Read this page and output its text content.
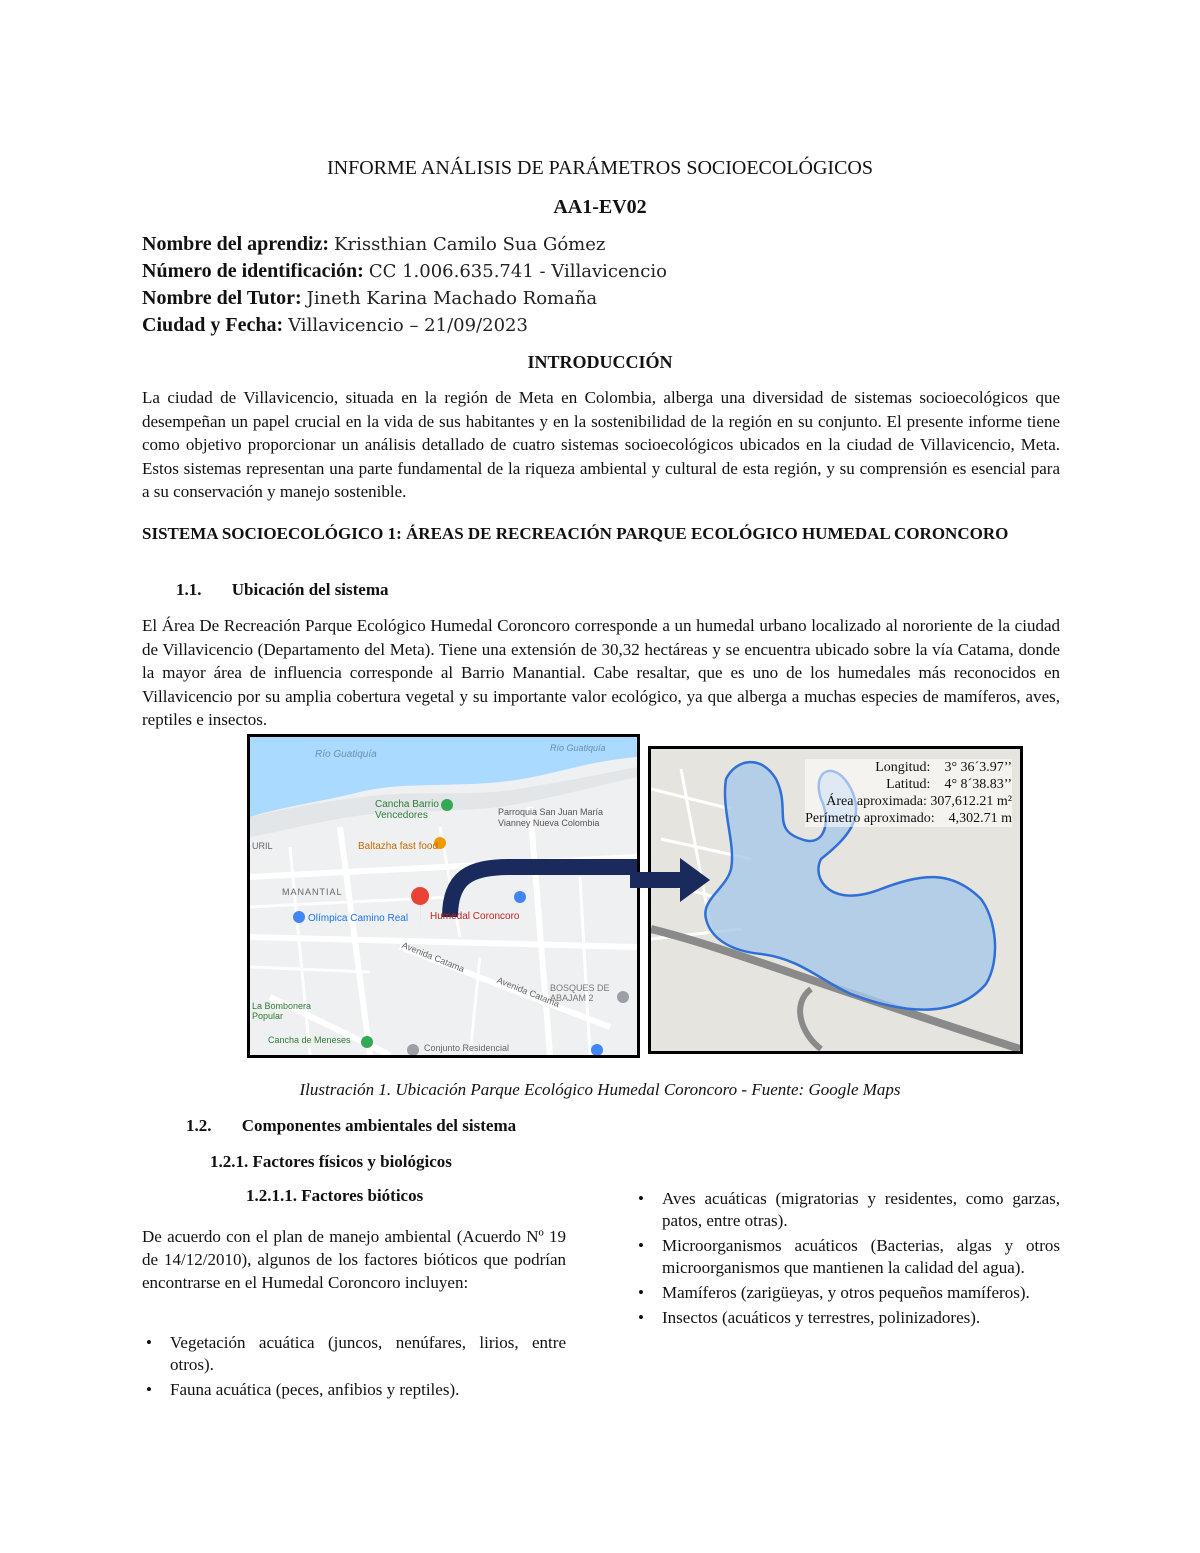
INFORME ANÁLISIS DE PARÁMETROS SOCIOECOLÓGICOS
AA1-EV02
Nombre del aprendiz: Krissthian Camilo Sua Gómez
Número de identificación: CC 1.006.635.741 - Villavicencio
Nombre del Tutor: Jineth Karina Machado Romaña
Ciudad y Fecha: Villavicencio – 21/09/2023
INTRODUCCIÓN
La ciudad de Villavicencio, situada en la región de Meta en Colombia, alberga una diversidad de sistemas socioecológicos que desempeñan un papel crucial en la vida de sus habitantes y en la sostenibilidad de la región en su conjunto. El presente informe tiene como objetivo proporcionar un análisis detallado de cuatro sistemas socioecológicos ubicados en la ciudad de Villavicencio, Meta. Estos sistemas representan una parte fundamental de la riqueza ambiental y cultural de esta región, y su comprensión es esencial para a su conservación y manejo sostenible.
SISTEMA SOCIOECOLÓGICO 1: ÁREAS DE RECREACIÓN PARQUE ECOLÓGICO HUMEDAL CORONCORO
1.1. Ubicación del sistema
El Área De Recreación Parque Ecológico Humedal Coroncoro corresponde a un humedal urbano localizado al nororiente de la ciudad de Villavicencio (Departamento del Meta). Tiene una extensión de 30,32 hectáreas y se encuentra ubicado sobre la vía Catama, donde la mayor área de influencia corresponde al Barrio Manantial. Cabe resaltar, que es uno de los humedales más reconocidos en Villavicencio por su amplia cobertura vegetal y su importante valor ecológico, ya que alberga a muchas especies de mamíferos, aves, reptiles e insectos.
Río Guatiquía
Río Guatiquía
Cancha Barrio Vencedores	Parroquia San Juan María Vianney Nueva Colombia
Baltazha fast food
URIL
MANANTIAL
Olímpica Camino Real Humedal Coroncoro
Avenida Catama
Avenida Catama
BOSQUES DE ABAJAM 2
La Bombonera Popular
Cancha de Meneses
Conjunto Residencial
Longitud: 3° 36´3.97’’
Latitud: 4° 8´38.83’’
Área aproximada: 307,612.21 m²
Perímetro aproximado: 4,302.71 m
Ilustración 1. Ubicación Parque Ecológico Humedal Coroncoro - Fuente: Google Maps
1.2. Componentes ambientales del sistema
1.2.1. Factores físicos y biológicos
1.2.1.1. Factores bióticos
De acuerdo con el plan de manejo ambiental (Acuerdo Nº 19 de 14/12/2010), algunos de los factores bióticos que podrían encontrarse en el Humedal Coroncoro incluyen:
• Vegetación acuática (juncos, nenúfares, lirios, entre otros).
• Fauna acuática (peces, anfibios y reptiles).
• Aves acuáticas (migratorias y residentes, como garzas, patos, entre otras).
• Microorganismos acuáticos (Bacterias, algas y otros microorganismos que mantienen la calidad del agua).
• Mamíferos (zarigüeyas, y otros pequeños mamíferos).
• Insectos (acuáticos y terrestres, polinizadores).
